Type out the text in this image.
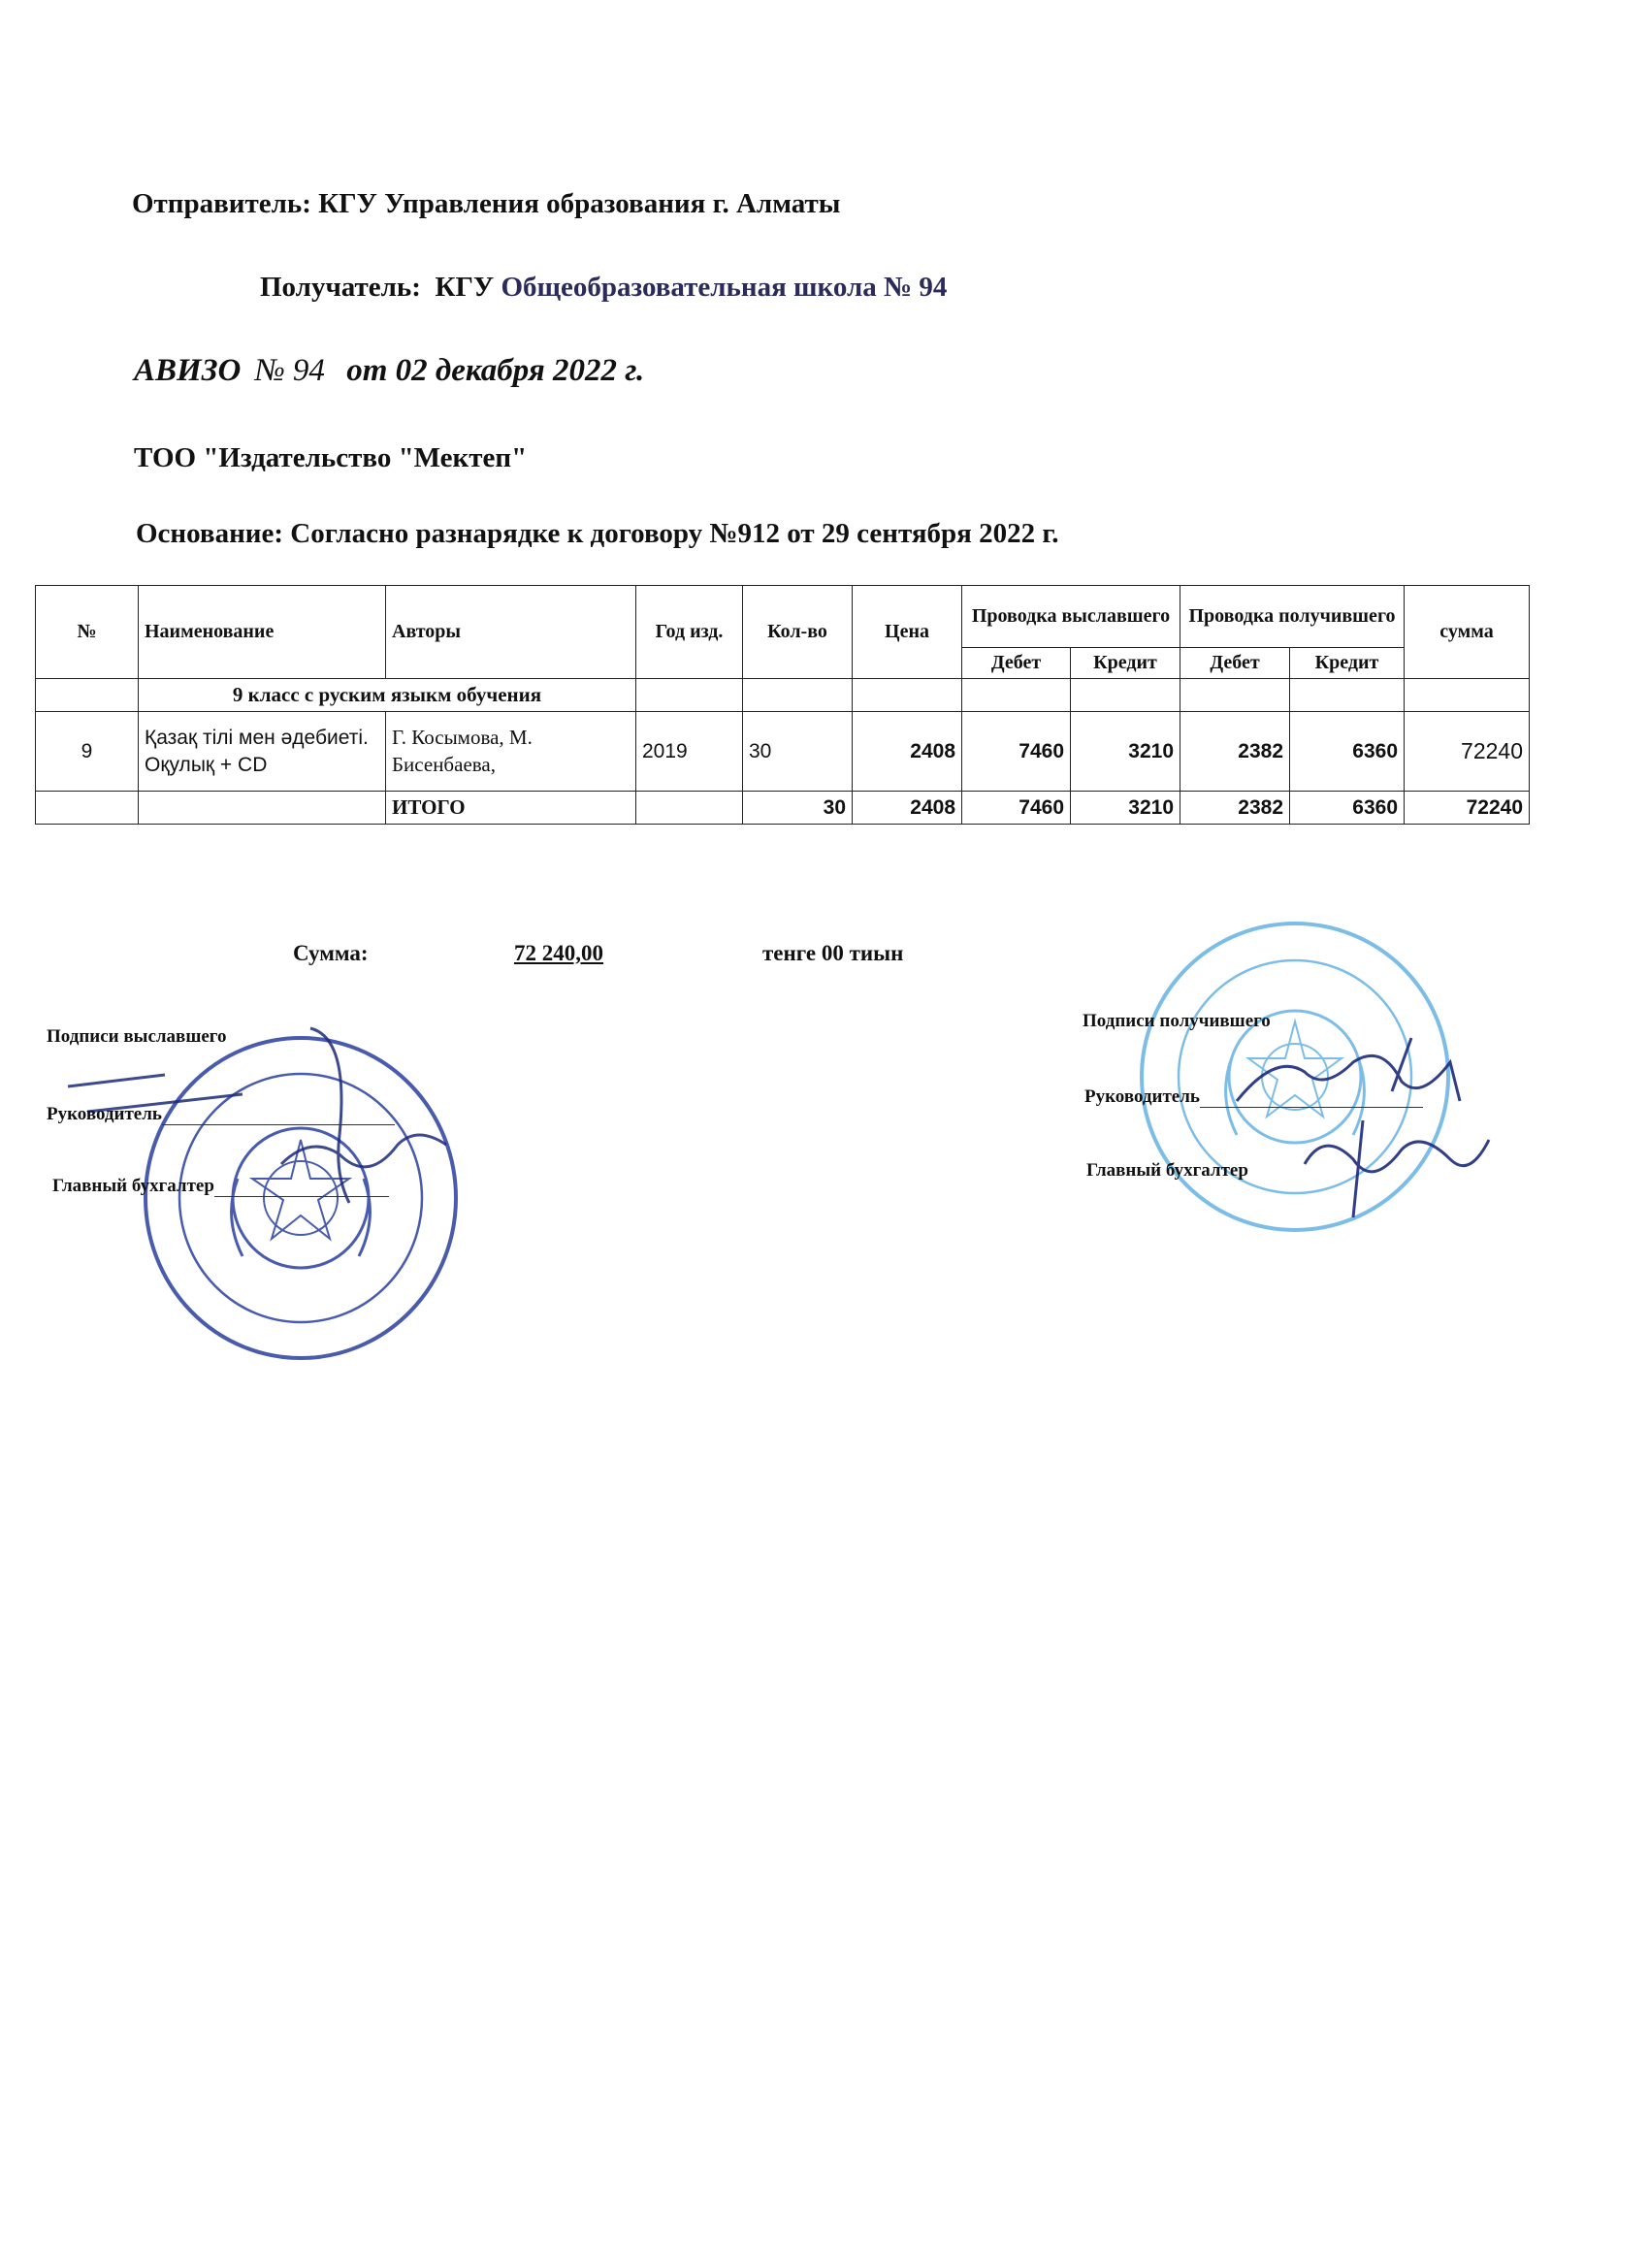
Отправитель: КГУ Управления образования г. Алматы
Получатель: КГУ Общеобразовательная школа № 94
АВИЗО № 94 от 02 декабря 2022 г.
ТОО "Издательство "Мектеп"
Основание: Согласно разнарядке к договору №912 от 29 сентября 2022 г.
№	Наименование	Авторы	Год изд.	Кол-во	Цена	Проводка выславшего		Проводка получившего		сумма
						Дебет	Кредит	Дебет	Кредит	
	9 класс с руским языкм обучения									
9	Қазақ тілі мен әдебиеті. Оқулық + CD	Г. Косымова, М. Бисенбаева,	2019	30	2408	7460	3210	2382	6360	72240
		ИТОГО		30	2408	7460	3210	2382	6360	72240
Сумма:	72 240,00	тенге 00 тиын
Подписи выславшего
Руководитель
Главный бухгалтер
Подписи получившего
Руководитель
Главный бухгалтер
